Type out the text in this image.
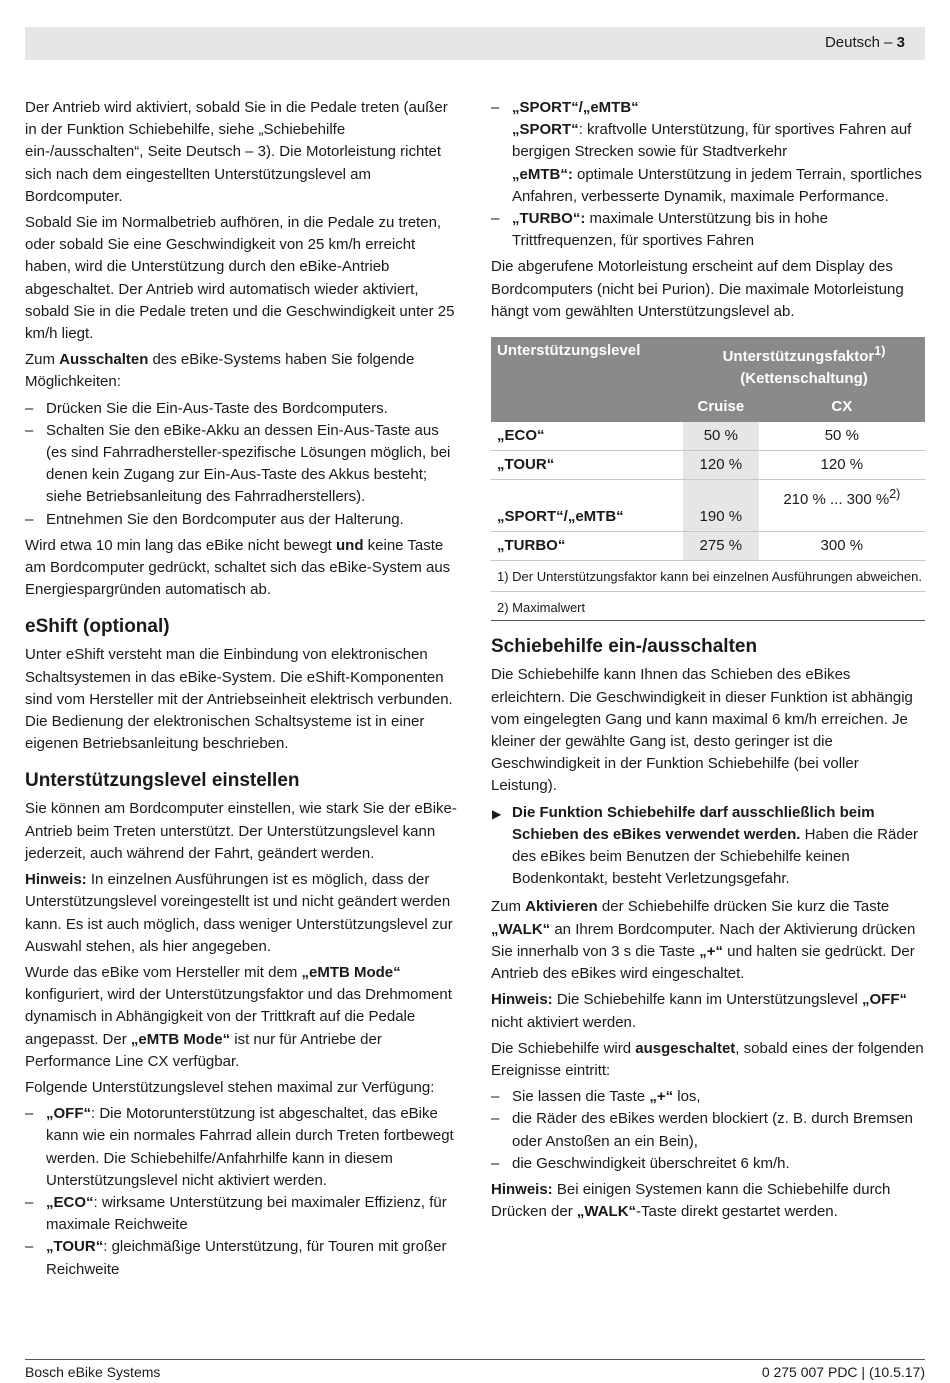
Deutsch – 3

Der Antrieb wird aktiviert, sobald Sie in die Pedale treten (außer in der Funktion Schiebehilfe, siehe „Schiebehilfe ein-/ausschalten“, Seite Deutsch – 3). Die Motorleistung richtet sich nach dem eingestellten Unterstützungslevel am Bordcomputer.

Sobald Sie im Normalbetrieb aufhören, in die Pedale zu treten, oder sobald Sie eine Geschwindigkeit von 25 km/h erreicht haben, wird die Unterstützung durch den eBike-Antrieb abgeschaltet. Der Antrieb wird automatisch wieder aktiviert, sobald Sie in die Pedale treten und die Geschwindigkeit unter 25 km/h liegt.

Zum Ausschalten des eBike-Systems haben Sie folgende Möglichkeiten:

– Drücken Sie die Ein-Aus-Taste des Bordcomputers.
– Schalten Sie den eBike-Akku an dessen Ein-Aus-Taste aus (es sind Fahrradhersteller-spezifische Lösungen möglich, bei denen kein Zugang zur Ein-Aus-Taste des Akkus besteht; siehe Betriebsanleitung des Fahrradherstellers).
– Entnehmen Sie den Bordcomputer aus der Halterung.

Wird etwa 10 min lang das eBike nicht bewegt und keine Taste am Bordcomputer gedrückt, schaltet sich das eBike-System aus Energiespargründen automatisch ab.

eShift (optional)

Unter eShift versteht man die Einbindung von elektronischen Schaltsystemen in das eBike-System. Die eShift-Komponenten sind vom Hersteller mit der Antriebseinheit elektrisch verbunden. Die Bedienung der elektronischen Schaltsysteme ist in einer eigenen Betriebsanleitung beschrieben.

Unterstützungslevel einstellen

Sie können am Bordcomputer einstellen, wie stark Sie der eBike-Antrieb beim Treten unterstützt. Der Unterstützungslevel kann jederzeit, auch während der Fahrt, geändert werden.

Hinweis: In einzelnen Ausführungen ist es möglich, dass der Unterstützungslevel voreingestellt ist und nicht geändert werden kann. Es ist auch möglich, dass weniger Unterstützungslevel zur Auswahl stehen, als hier angegeben.

Wurde das eBike vom Hersteller mit dem „eMTB Mode“ konfiguriert, wird der Unterstützungsfaktor und das Drehmoment dynamisch in Abhängigkeit von der Trittkraft auf die Pedale angepasst. Der „eMTB Mode“ ist nur für Antriebe der Performance Line CX verfügbar.

Folgende Unterstützungslevel stehen maximal zur Verfügung:

– „OFF“: Die Motorunterstützung ist abgeschaltet, das eBike kann wie ein normales Fahrrad allein durch Treten fortbewegt werden. Die Schiebehilfe/Anfahrhilfe kann in diesem Unterstützungslevel nicht aktiviert werden.
– „ECO“: wirksame Unterstützung bei maximaler Effizienz, für maximale Reichweite
– „TOUR“: gleichmäßige Unterstützung, für Touren mit großer Reichweite
– „SPORT“/„eMTB“
„SPORT“: kraftvolle Unterstützung, für sportives Fahren auf bergigen Strecken sowie für Stadtverkehr
„eMTB“: optimale Unterstützung in jedem Terrain, sportliches Anfahren, verbesserte Dynamik, maximale Performance.
– „TURBO“: maximale Unterstützung bis in hohe Trittfrequenzen, für sportives Fahren

Die abgerufene Motorleistung erscheint auf dem Display des Bordcomputers (nicht bei Purion). Die maximale Motorleistung hängt vom gewählten Unterstützungslevel ab.

Unterstützungslevel	Unterstützungsfaktor$^{1)}$
(Kettenschaltung)	
	Cruise	CX
„ECO“	50 %	50 %
„TOUR“	120 %	120 %
„SPORT“/„eMTB“	190 %	210 % ... 300 %$^{2)}$
„TURBO“	275 %	300 %
1) Der Unterstützungsfaktor kann bei einzelnen Ausführungen abweichen.
2) Maximalwert
Schiebehilfe ein-/ausschalten

Die Schiebehilfe kann Ihnen das Schieben des eBikes erleichtern. Die Geschwindigkeit in dieser Funktion ist abhängig vom eingelegten Gang und kann maximal 6 km/h erreichen. Je kleiner der gewählte Gang ist, desto geringer ist die Geschwindigkeit in der Funktion Schiebehilfe (bei voller Leistung).

▶ Die Funktion Schiebehilfe darf ausschließlich beim Schieben des eBikes verwendet werden. Haben die Räder des eBikes beim Benutzen der Schiebehilfe keinen Bodenkontakt, besteht Verletzungsgefahr.

Zum Aktivieren der Schiebehilfe drücken Sie kurz die Taste „WALK“ an Ihrem Bordcomputer. Nach der Aktivierung drücken Sie innerhalb von 3 s die Taste „+“ und halten sie gedrückt. Der Antrieb des eBikes wird eingeschaltet.

Hinweis: Die Schiebehilfe kann im Unterstützungslevel „OFF“ nicht aktiviert werden.

Die Schiebehilfe wird ausgeschaltet, sobald eines der folgenden Ereignisse eintritt:

– Sie lassen die Taste „+“ los,
– die Räder des eBikes werden blockiert (z. B. durch Bremsen oder Anstoßen an ein Bein),
– die Geschwindigkeit überschreitet 6 km/h.

Hinweis: Bei einigen Systemen kann die Schiebehilfe durch Drücken der „WALK“-Taste direkt gestartet werden.

Bosch eBike Systems	0 275 007 PDC | (10.5.17)
